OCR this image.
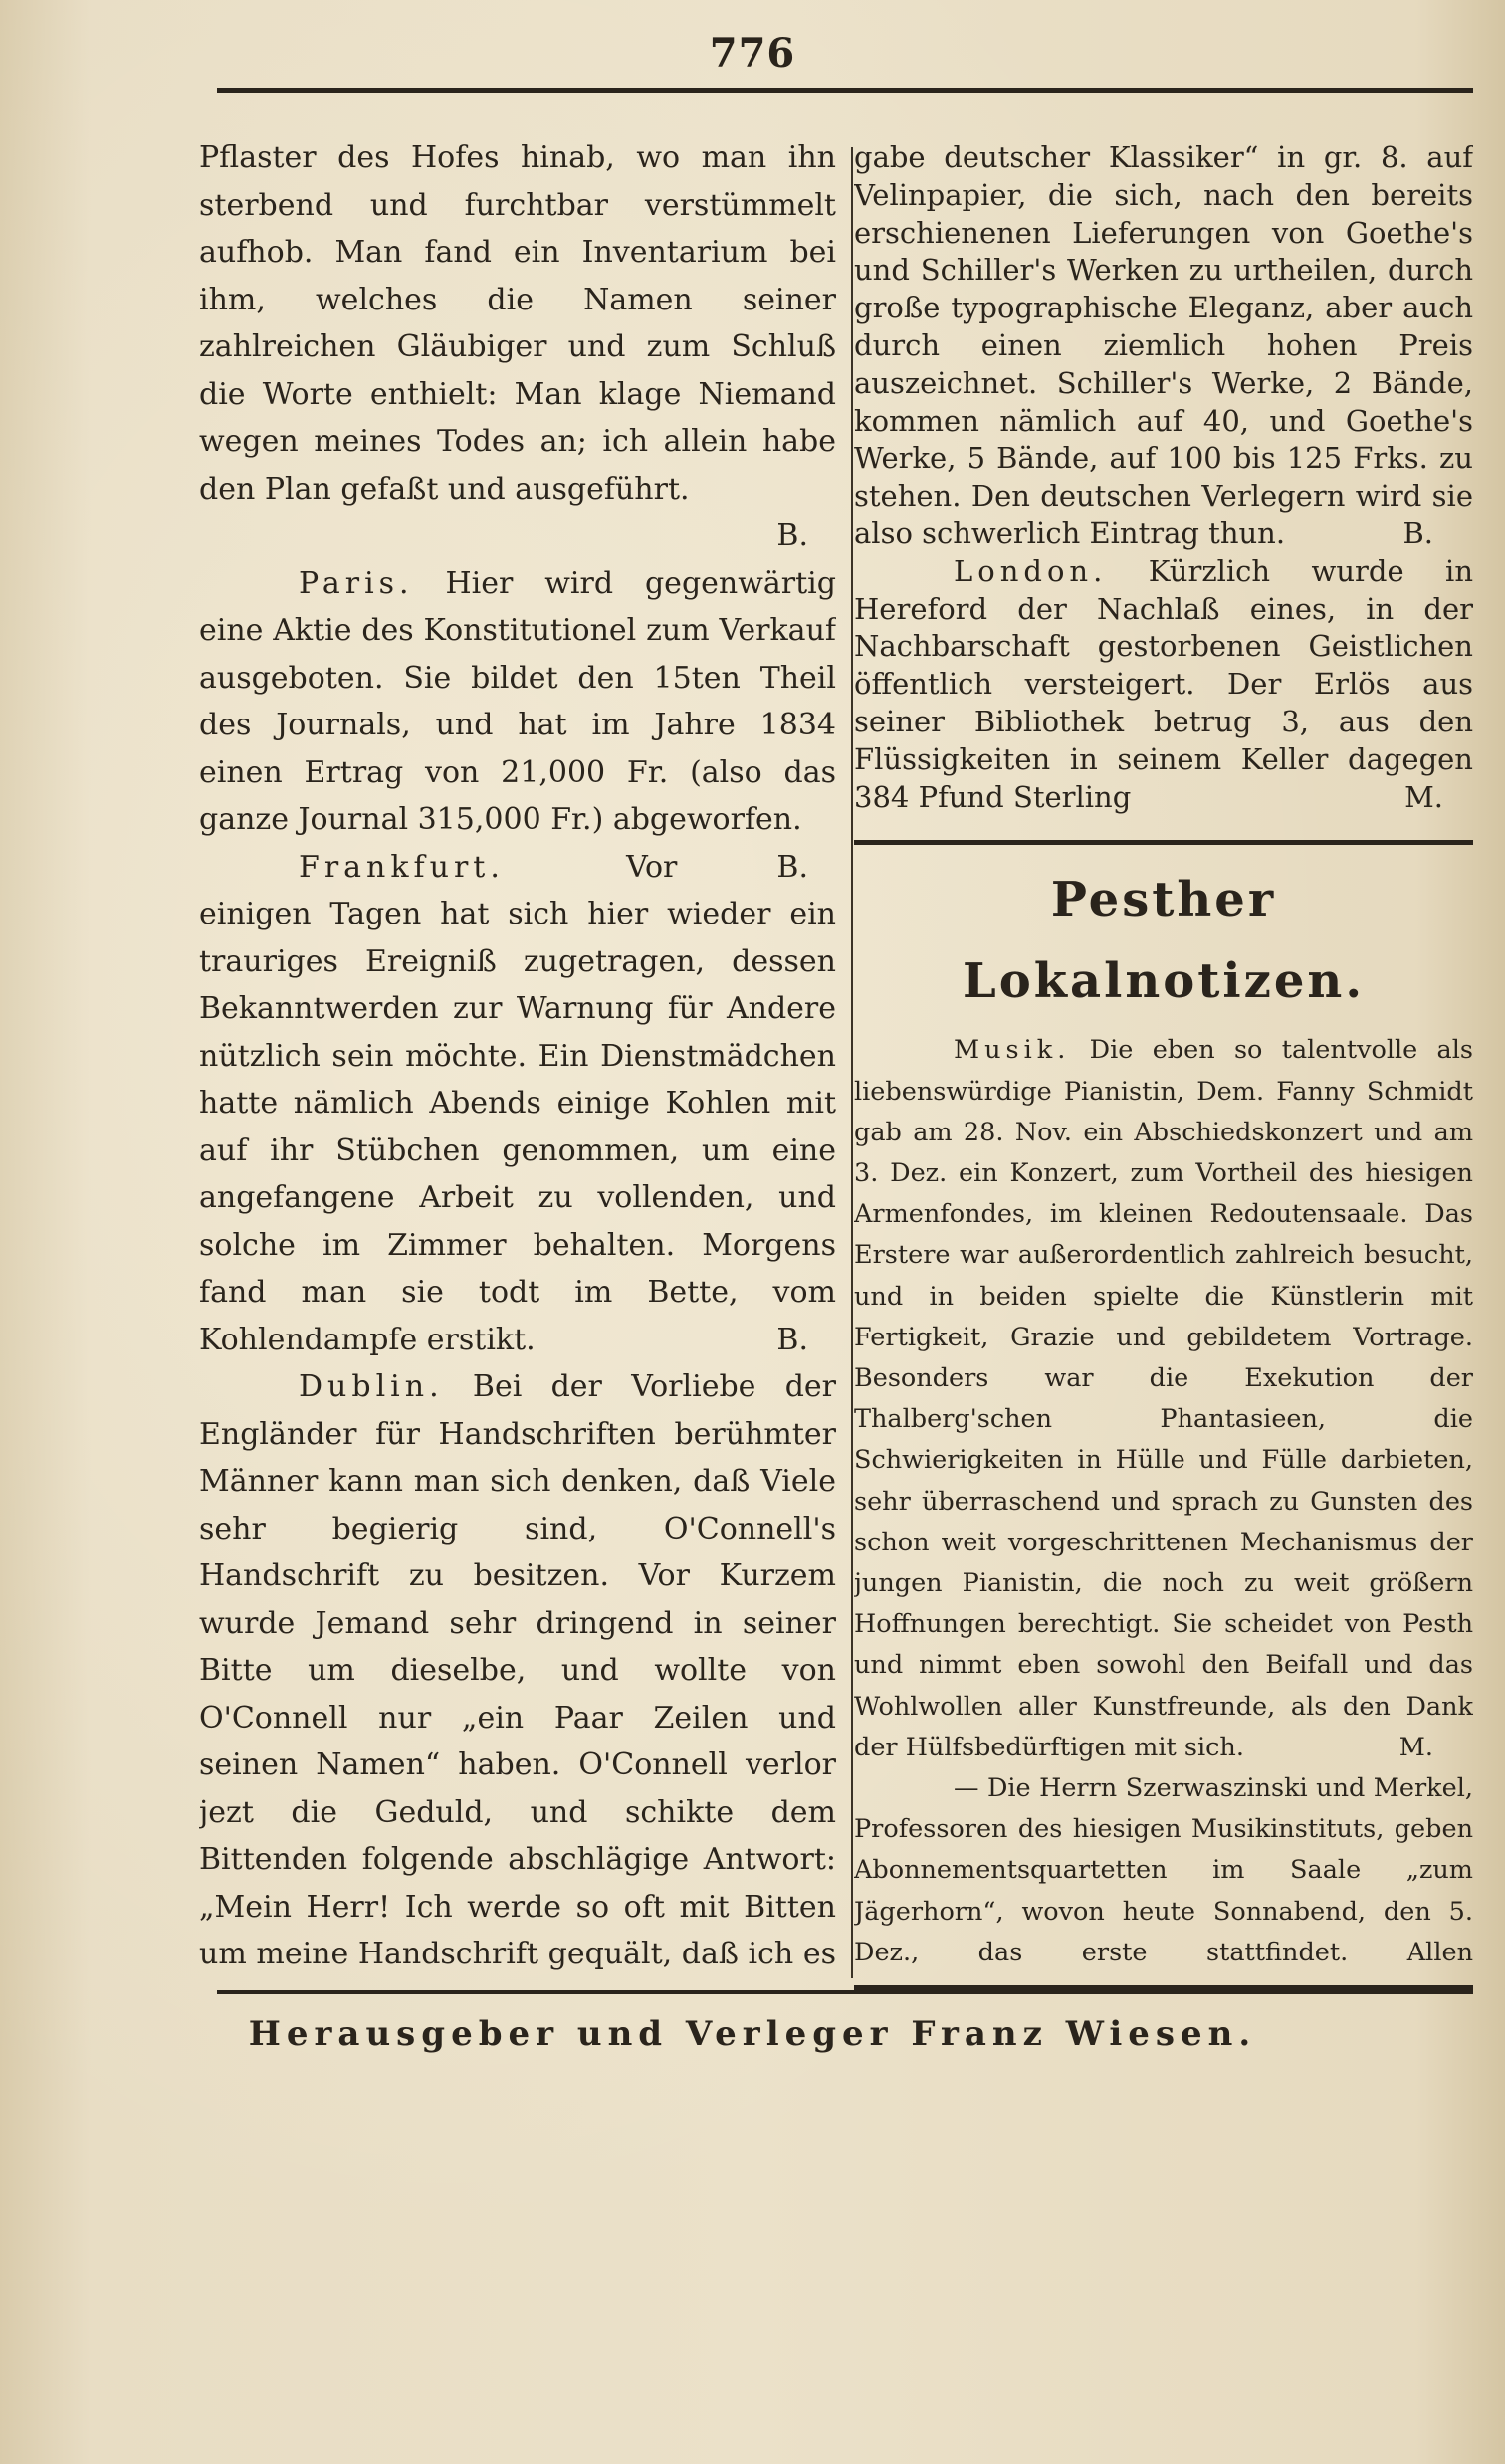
776

Pflaster des Hofes hinab, wo man ihn sterbend und furchtbar verstümmelt aufhob. Man fand ein Inventarium bei ihm, welches die Namen seiner zahlreichen Gläubiger und zum Schluß die Worte enthielt: Man klage Niemand wegen meines Todes an; ich allein habe den Plan gefaßt und ausgeführt.

B.

Paris. Hier wird gegenwärtig eine Aktie des Konstitutionel zum Verkauf ausgeboten. Sie bildet den 15ten Theil des Journals, und hat im Jahre 1834 einen Ertrag von 21,000 Fr. (also das ganze Journal 315,000 Fr.) abgeworfen.
B.

Frankfurt.	Vor einigen Tagen hat sich hier wieder ein trauriges Ereigniß zugetragen, dessen Bekanntwerden zur Warnung für Andere nützlich sein möchte. Ein Dienstmädchen hatte nämlich Abends einige Kohlen mit auf ihr Stübchen genommen, um eine angefangene Arbeit zu vollenden, und solche im Zimmer behalten. Morgens fand man sie todt im Bette, vom Kohlendampfe erstikt.	B.

Dublin. Bei der Vorliebe der Engländer für Handschriften berühmter Männer kann man sich denken, daß Viele sehr begierig sind, O'Connell's Handschrift zu besitzen. Vor Kurzem wurde Jemand sehr dringend in seiner Bitte um dieselbe, und wollte von O'Connell nur „ein Paar Zeilen und seinen Namen“ haben. O'Connell verlor jezt die Geduld, und schikte dem Bittenden folgende abschlägige Antwort: „Mein Herr! Ich werde so oft mit Bitten um meine Handschrift gequält, daß ich es

gabe deutscher Klassiker“ in gr. 8. auf Velinpapier, die sich, nach den bereits erschienenen Lieferungen von Goethe's und Schiller's Werken zu urtheilen, durch große typographische Eleganz, aber auch durch einen ziemlich hohen Preis auszeichnet. Schiller's Werke, 2 Bände, kommen nämlich auf 40, und Goethe's Werke, 5 Bände, auf 100 bis 125 Frks. zu stehen. Den deutschen Verlegern wird sie also schwerlich Eintrag thun.	B.

London. Kürzlich wurde in Hereford der Nachlaß eines, in der Nachbarschaft gestorbenen Geistlichen öffentlich versteigert. Der Erlös aus seiner Bibliothek betrug 3, aus den Flüssigkeiten in seinem Keller dagegen 384 Pfund Sterling	M.

Pesther Lokalnotizen.

Musik. Die eben so talentvolle als liebenswürdige Pianistin, Dem. Fanny Schmidt gab am 28. Nov. ein Abschiedskonzert und am 3. Dez. ein Konzert, zum Vortheil des hiesigen Armenfondes, im kleinen Redoutensaale. Das Erstere war außerordentlich zahlreich besucht, und in beiden spielte die Künstlerin mit Fertigkeit, Grazie und gebildetem Vortrage. Besonders war die Exekution der Thalberg'schen Phantasieen, die Schwierigkeiten in Hülle und Fülle darbieten, sehr überraschend und sprach zu Gunsten des schon weit vorgeschrittenen Mechanismus der jungen Pianistin, die noch zu weit größern Hoffnungen berechtigt. Sie scheidet von Pesth und nimmt eben sowohl den Beifall und das Wohlwollen aller Kunstfreunde, als den Dank der Hülfsbedürftigen mit sich.	M.

— Die Herrn Szerwaszinski und Merkel, Professoren des hiesigen Musikinstituts, geben Abonnementsquartetten im Saale „zum Jägerhorn“, wovon heute Sonnabend, den 5. Dez., das erste stattfindet. Allen

Herausgeber und Verleger Franz Wiesen.
